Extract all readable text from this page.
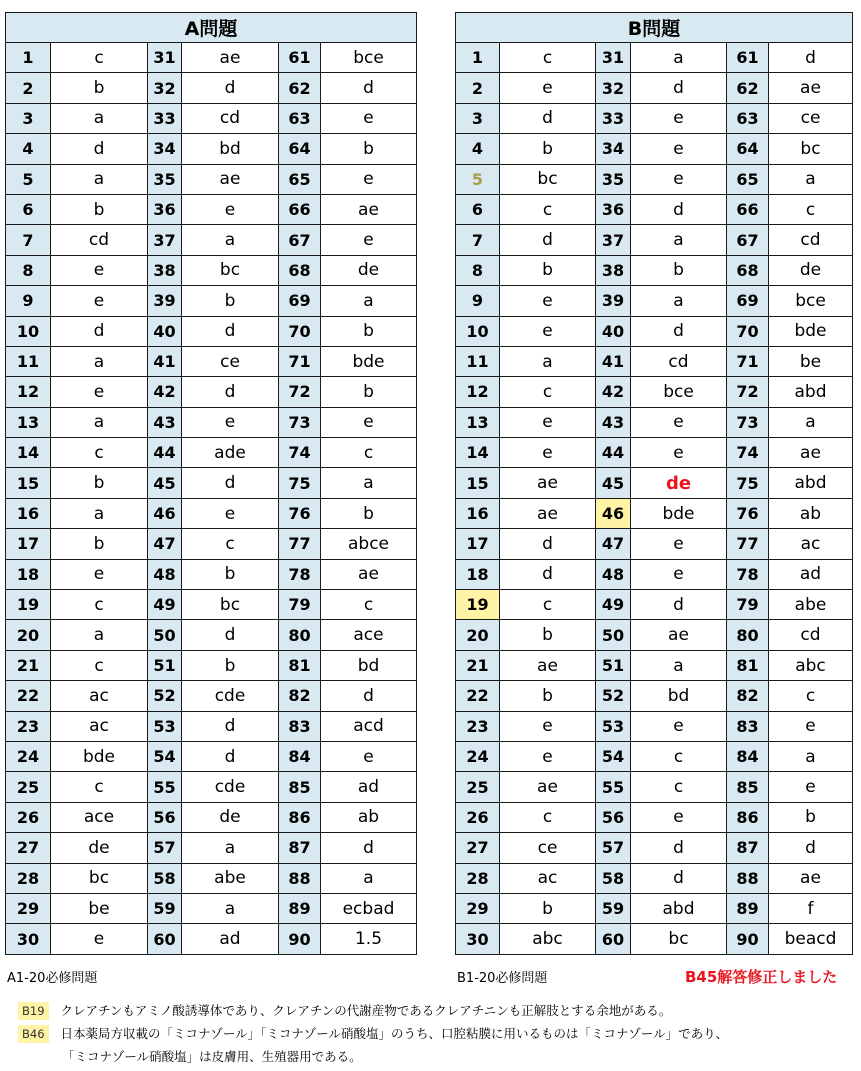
A問題					
1	c	31	ae	61	bce
2	b	32	d	62	d
3	a	33	cd	63	e
4	d	34	bd	64	b
5	a	35	ae	65	e
6	b	36	e	66	ae
7	cd	37	a	67	e
8	e	38	bc	68	de
9	e	39	b	69	a
10	d	40	d	70	b
11	a	41	ce	71	bde
12	e	42	d	72	b
13	a	43	e	73	e
14	c	44	ade	74	c
15	b	45	d	75	a
16	a	46	e	76	b
17	b	47	c	77	abce
18	e	48	b	78	ae
19	c	49	bc	79	c
20	a	50	d	80	ace
21	c	51	b	81	bd
22	ac	52	cde	82	d
23	ac	53	d	83	acd
24	bde	54	d	84	e
25	c	55	cde	85	ad
26	ace	56	de	86	ab
27	de	57	a	87	d
28	bc	58	abe	88	a
29	be	59	a	89	ecbad
30	e	60	ad	90	1.5
B問題					
1	c	31	a	61	d
2	e	32	d	62	ae
3	d	33	e	63	ce
4	b	34	e	64	bc
5	bc	35	e	65	a
6	c	36	d	66	c
7	d	37	a	67	cd
8	b	38	b	68	de
9	e	39	a	69	bce
10	e	40	d	70	bde
11	a	41	cd	71	be
12	c	42	bce	72	abd
13	e	43	e	73	a
14	e	44	e	74	ae
15	ae	45	de	75	abd
16	ae	46	bde	76	ab
17	d	47	e	77	ac
18	d	48	e	78	ad
19	c	49	d	79	abe
20	b	50	ae	80	cd
21	ae	51	a	81	abc
22	b	52	bd	82	c
23	e	53	e	83	e
24	e	54	c	84	a
25	ae	55	c	85	e
26	c	56	e	86	b
27	ce	57	d	87	d
28	ac	58	d	88	ae
29	b	59	abd	89	f
30	abc	60	bc	90	beacd
A1-20必修問題	B1-20必修問題	B45解答修正しました
B19 クレアチンもアミノ酸誘導体であり、クレアチンの代謝産物であるクレアチニンも正解肢とする余地がある。
B46 日本薬局方収載の「ミコナゾール」「ミコナゾール硝酸塩」のうち、口腔粘膜に用いるものは「ミコナゾール」であり、
「ミコナゾール硝酸塩」は皮膚用、生殖器用である。
